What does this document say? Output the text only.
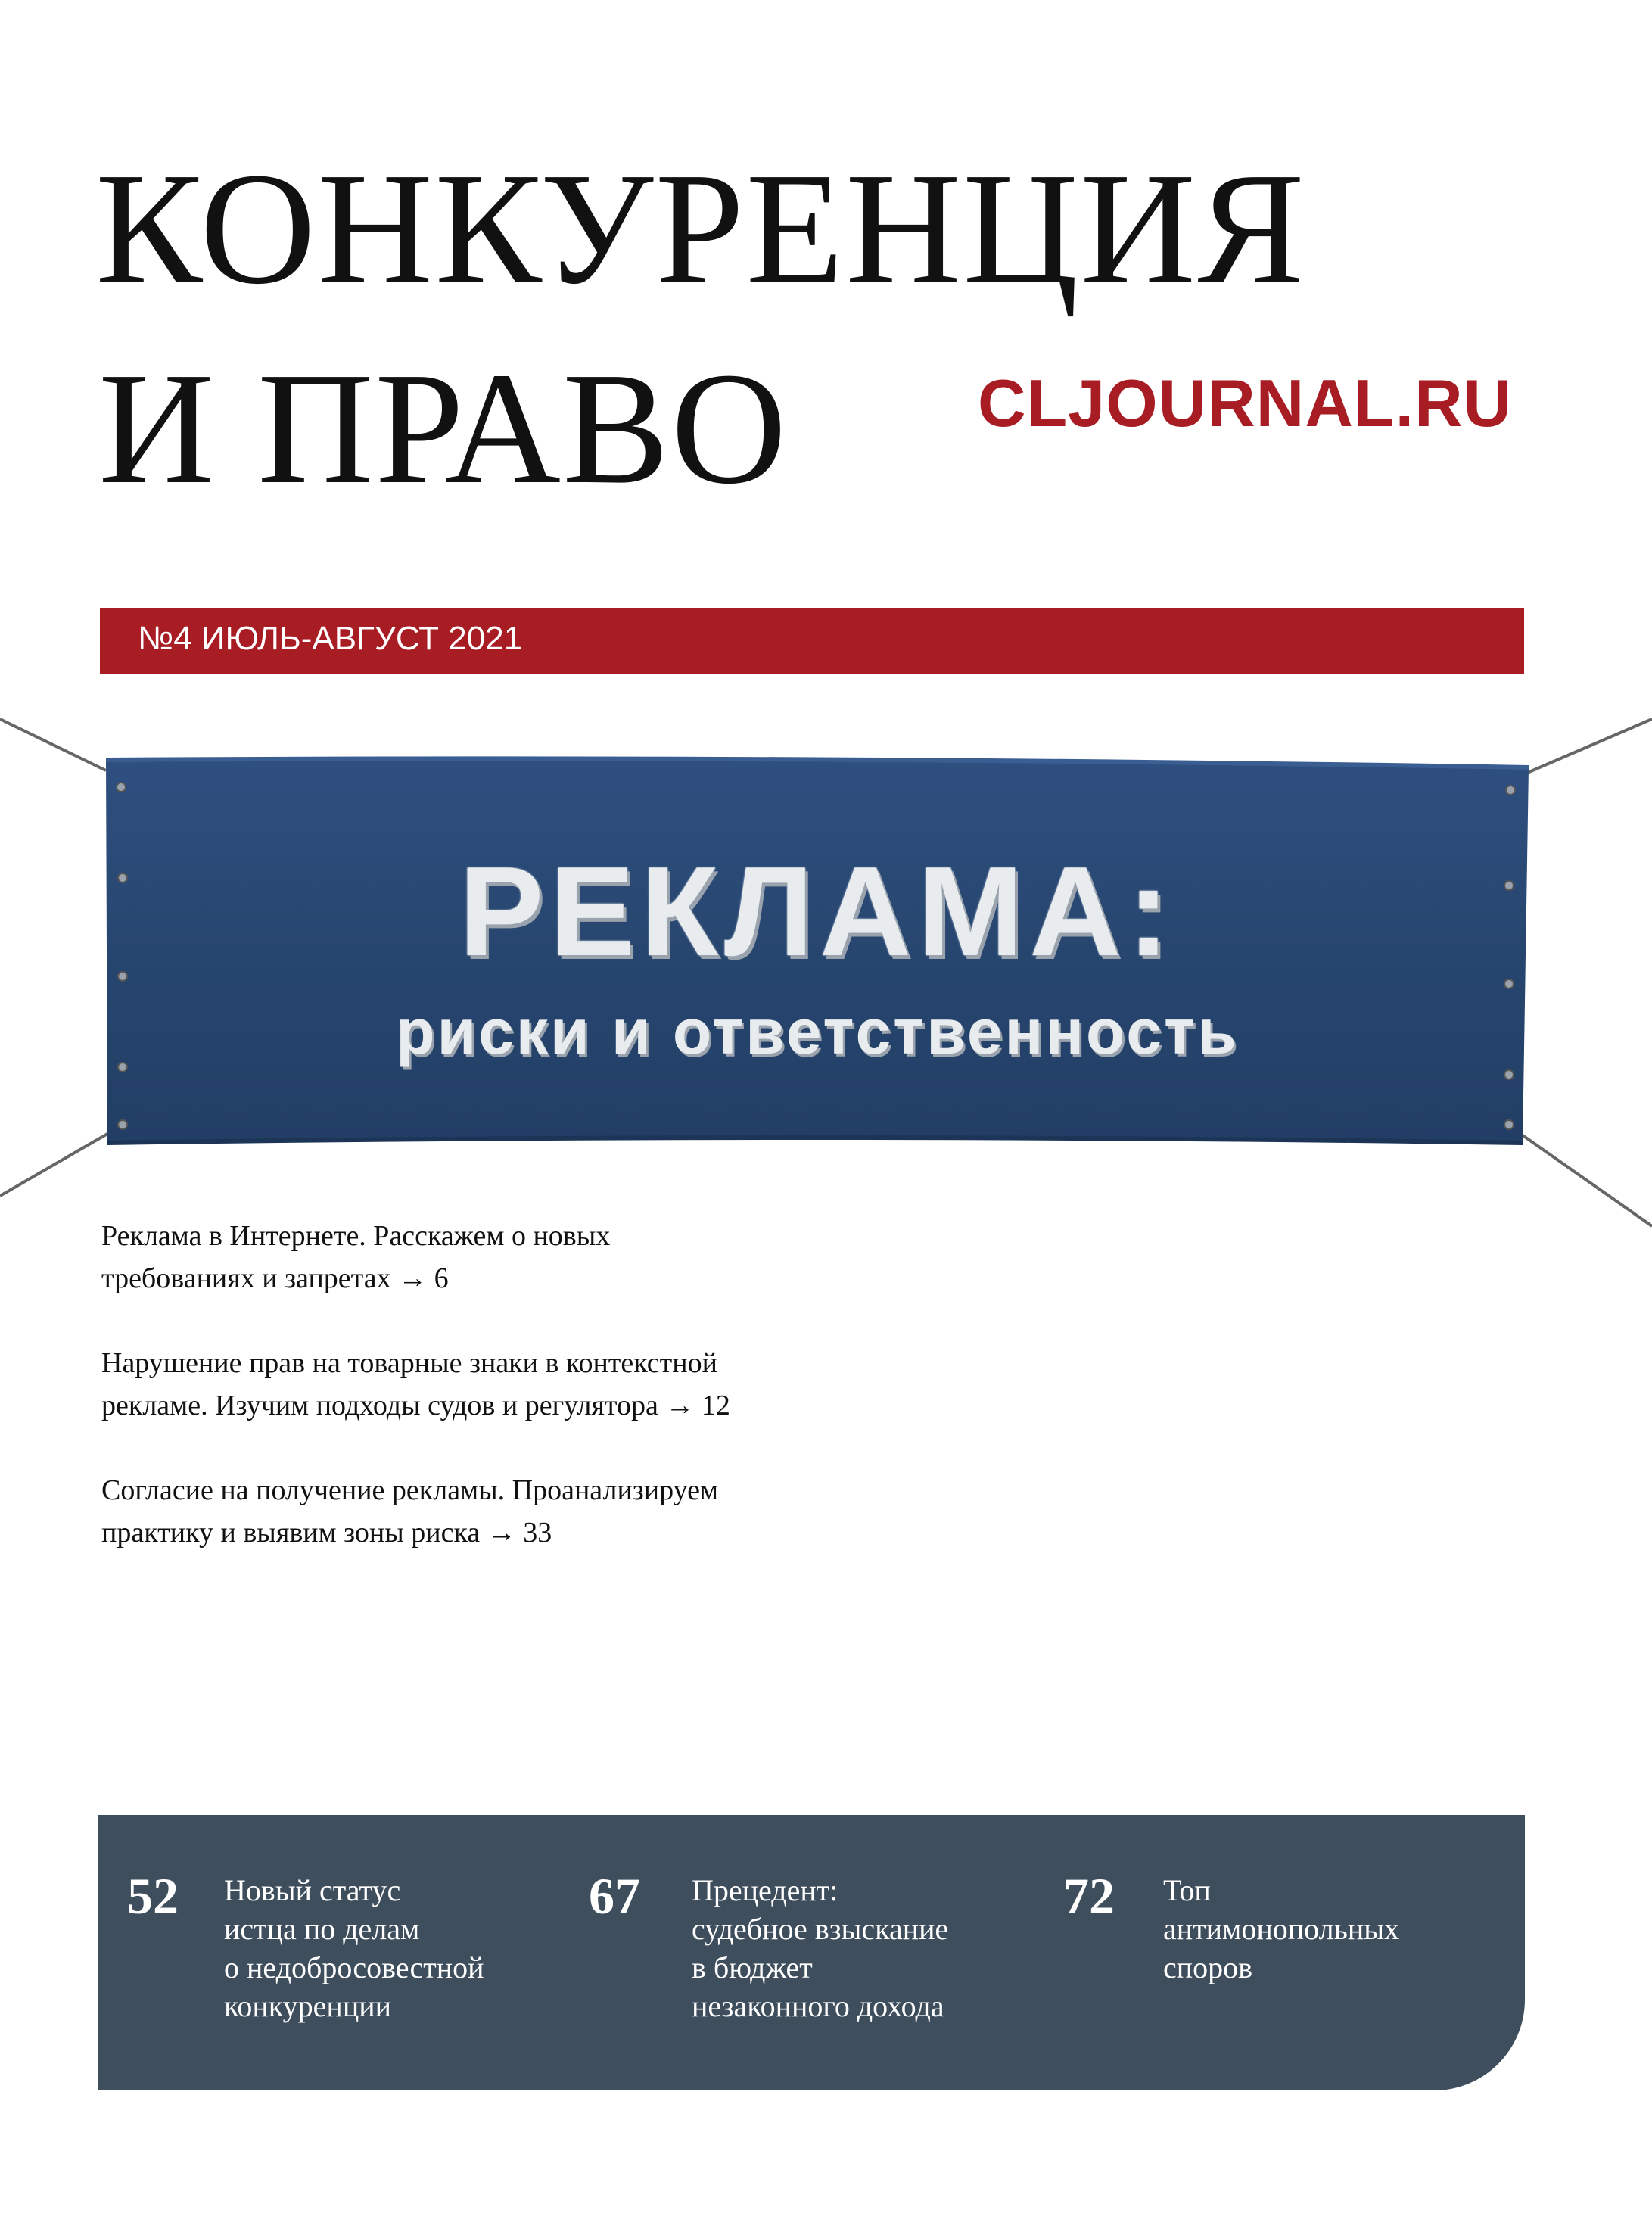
КОНКУРЕНЦИЯ
И ПРАВО	CLJOURNAL.RU
№4 ИЮЛЬ-АВГУСТ 2021
РЕКЛАМА:
риски и ответственность
Реклама в Интернете. Расскажем о новых
требованиях и запретах → 6
Нарушение прав на товарные знаки в контекстной
рекламе. Изучим подходы судов и регулятора → 12
Согласие на получение рекламы. Проанализируем
практику и выявим зоны риска → 33
52 Новый статус
истца по делам
о недобросовестной
конкуренции
67 Прецедент:
судебное взыскание
в бюджет
незаконного дохода
72 Топ
антимонопольных
споров
